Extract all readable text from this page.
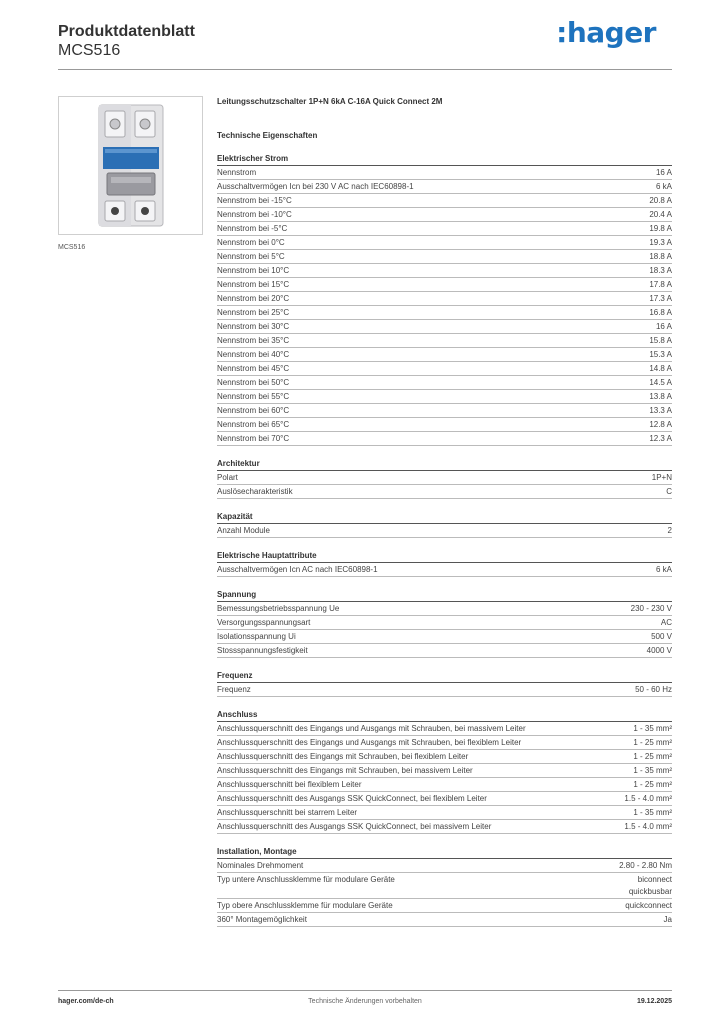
Produktdatenblatt
MCS516
:hager
MCS516
Leitungsschutzschalter 1P+N 6kA C-16A Quick Connect 2M
Technische Eigenschaften
Elektrischer Strom
Nennstrom	16 A
Ausschaltvermögen Icn bei 230 V AC nach IEC60898-1	6 kA
Nennstrom bei -15°C	20.8 A
Nennstrom bei -10°C	20.4 A
Nennstrom bei -5°C	19.8 A
Nennstrom bei 0°C	19.3 A
Nennstrom bei 5°C	18.8 A
Nennstrom bei 10°C	18.3 A
Nennstrom bei 15°C	17.8 A
Nennstrom bei 20°C	17.3 A
Nennstrom bei 25°C	16.8 A
Nennstrom bei 30°C	16 A
Nennstrom bei 35°C	15.8 A
Nennstrom bei 40°C	15.3 A
Nennstrom bei 45°C	14.8 A
Nennstrom bei 50°C	14.5 A
Nennstrom bei 55°C	13.8 A
Nennstrom bei 60°C	13.3 A
Nennstrom bei 65°C	12.8 A
Nennstrom bei 70°C	12.3 A
Architektur
Polart	1P+N
Auslösecharakteristik	C
Kapazität
Anzahl Module	2
Elektrische Hauptattribute
Ausschaltvermögen Icn AC nach IEC60898-1	6 kA
Spannung
Bemessungsbetriebsspannung Ue	230 - 230 V
Versorgungsspannungsart	AC
Isolationsspannung Ui	500 V
Stossspannungsfestigkeit	4000 V
Frequenz
Frequenz	50 - 60 Hz
Anschluss
Anschlussquerschnitt des Eingangs und Ausgangs mit Schrauben, bei massivem Leiter	1 - 35 mm²
Anschlussquerschnitt des Eingangs und Ausgangs mit Schrauben, bei flexiblem Leiter	1 - 25 mm²
Anschlussquerschnitt des Eingangs mit Schrauben, bei flexiblem Leiter	1 - 25 mm²
Anschlussquerschnitt des Eingangs mit Schrauben, bei massivem Leiter	1 - 35 mm²
Anschlussquerschnitt bei flexiblem Leiter	1 - 25 mm²
Anschlussquerschnitt des Ausgangs SSK QuickConnect, bei flexiblem Leiter	1.5 - 4.0 mm²
Anschlussquerschnitt bei starrem Leiter	1 - 35 mm²
Anschlussquerschnitt des Ausgangs SSK QuickConnect, bei massivem Leiter	1.5 - 4.0 mm²
Installation, Montage
Nominales Drehmoment	2.80 - 2.80 Nm
Typ untere Anschlussklemme für modulare Geräte	biconnect
quickbusbar
Typ obere Anschlussklemme für modulare Geräte	quickconnect
360° Montagemöglichkeit	Ja
hager.com/de-ch	Technische Änderungen vorbehalten	19.12.2025
